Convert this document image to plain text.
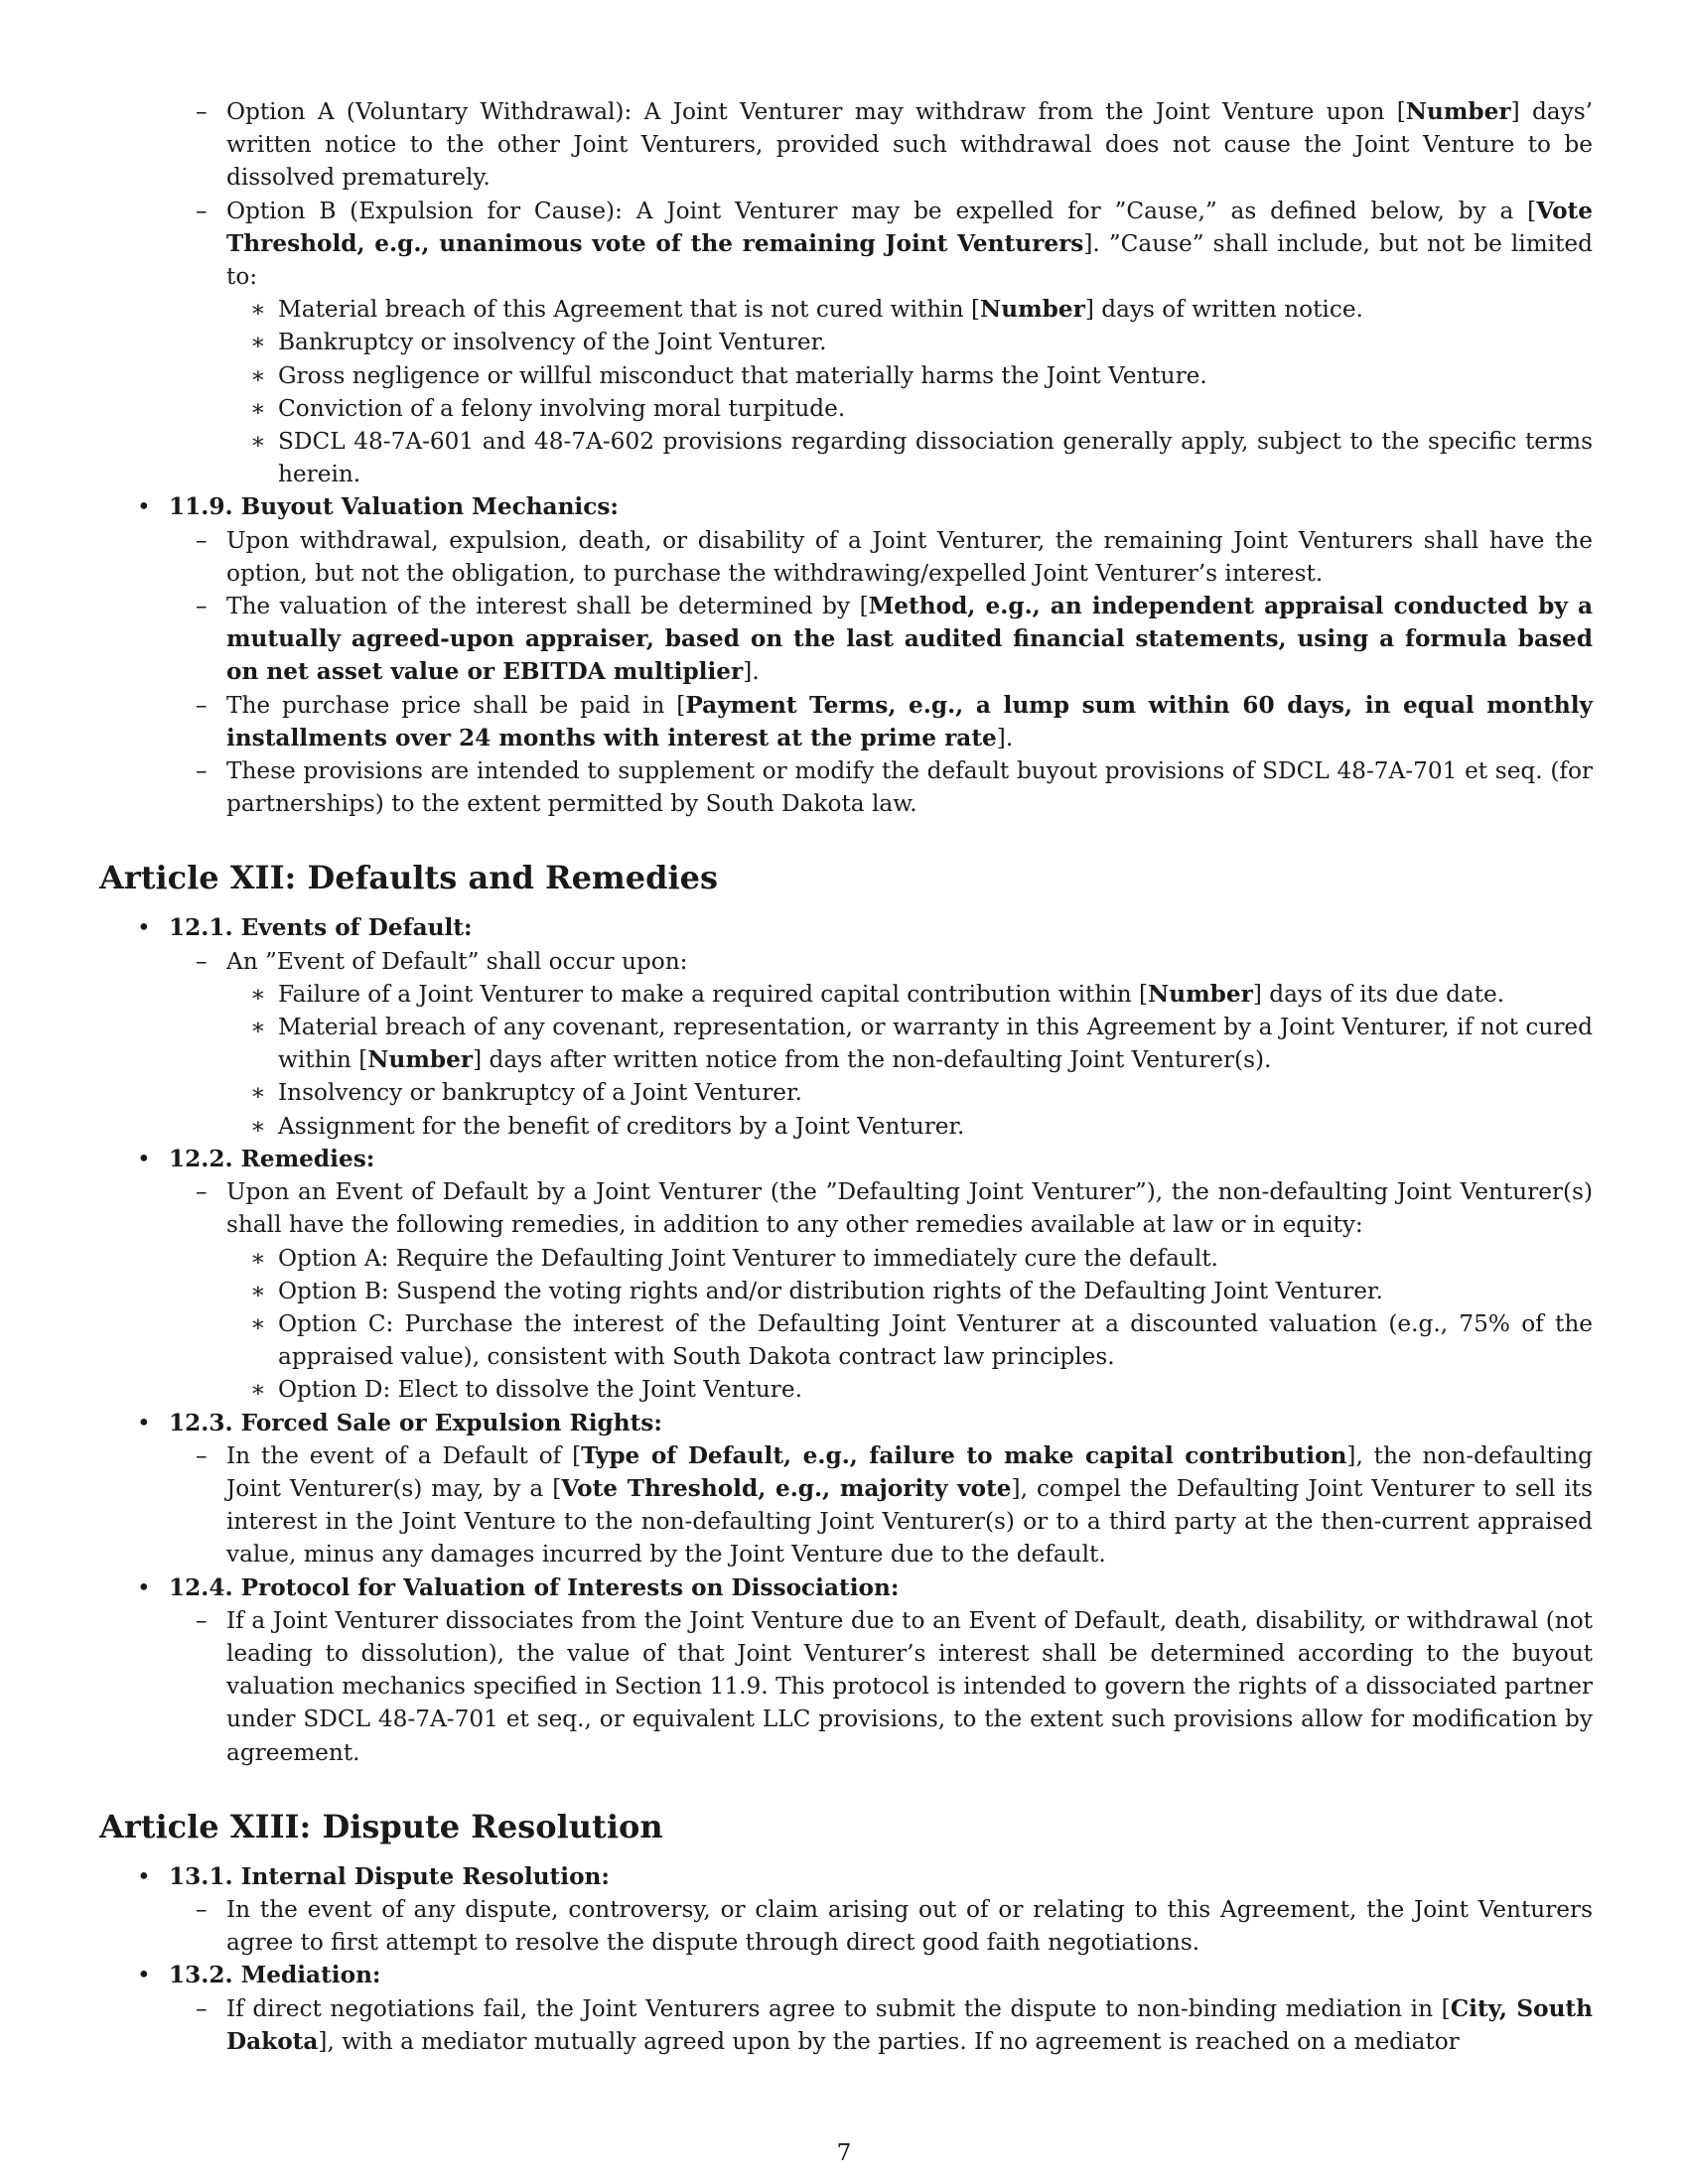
– Option A (Voluntary Withdrawal): A Joint Venturer may withdraw from the Joint Venture upon [Number] days’ written notice to the other Joint Venturers, provided such withdrawal does not cause the Joint Venture to be dissolved prematurely.
– Option B (Expulsion for Cause): A Joint Venturer may be expelled for ”Cause,” as defined below, by a [Vote Threshold, e.g., unanimous vote of the remaining Joint Venturers]. ”Cause” shall include, but not be limited to:
∗ Material breach of this Agreement that is not cured within [Number] days of written notice.
∗ Bankruptcy or insolvency of the Joint Venturer.
∗ Gross negligence or willful misconduct that materially harms the Joint Venture.
∗ Conviction of a felony involving moral turpitude.
∗ SDCL 48-7A-601 and 48-7A-602 provisions regarding dissociation generally apply, subject to the specific terms herein.
• 11.9. Buyout Valuation Mechanics:
– Upon withdrawal, expulsion, death, or disability of a Joint Venturer, the remaining Joint Venturers shall have the option, but not the obligation, to purchase the withdrawing/expelled Joint Venturer’s interest.
– The valuation of the interest shall be determined by [Method, e.g., an independent appraisal conducted by a mutually agreed-upon appraiser, based on the last audited financial statements, using a formula based on net asset value or EBITDA multiplier].
– The purchase price shall be paid in [Payment Terms, e.g., a lump sum within 60 days, in equal monthly installments over 24 months with interest at the prime rate].
– These provisions are intended to supplement or modify the default buyout provisions of SDCL 48-7A-701 et seq. (for partnerships) to the extent permitted by South Dakota law.
Article XII: Defaults and Remedies
• 12.1. Events of Default:
– An ”Event of Default” shall occur upon:
∗ Failure of a Joint Venturer to make a required capital contribution within [Number] days of its due date.
∗ Material breach of any covenant, representation, or warranty in this Agreement by a Joint Venturer, if not cured within [Number] days after written notice from the non-defaulting Joint Venturer(s).
∗ Insolvency or bankruptcy of a Joint Venturer.
∗ Assignment for the benefit of creditors by a Joint Venturer.
• 12.2. Remedies:
– Upon an Event of Default by a Joint Venturer (the ”Defaulting Joint Venturer”), the non-defaulting Joint Venturer(s) shall have the following remedies, in addition to any other remedies available at law or in equity:
∗ Option A: Require the Defaulting Joint Venturer to immediately cure the default.
∗ Option B: Suspend the voting rights and/or distribution rights of the Defaulting Joint Venturer.
∗ Option C: Purchase the interest of the Defaulting Joint Venturer at a discounted valuation (e.g., 75% of the appraised value), consistent with South Dakota contract law principles.
∗ Option D: Elect to dissolve the Joint Venture.
• 12.3. Forced Sale or Expulsion Rights:
– In the event of a Default of [Type of Default, e.g., failure to make capital contribution], the non-defaulting Joint Venturer(s) may, by a [Vote Threshold, e.g., majority vote], compel the Defaulting Joint Venturer to sell its interest in the Joint Venture to the non-defaulting Joint Venturer(s) or to a third party at the then-current appraised value, minus any damages incurred by the Joint Venture due to the default.
• 12.4. Protocol for Valuation of Interests on Dissociation:
– If a Joint Venturer dissociates from the Joint Venture due to an Event of Default, death, disability, or withdrawal (not leading to dissolution), the value of that Joint Venturer’s interest shall be determined according to the buyout valuation mechanics specified in Section 11.9. This protocol is intended to govern the rights of a dissociated partner under SDCL 48-7A-701 et seq., or equivalent LLC provisions, to the extent such provisions allow for modification by agreement.
Article XIII: Dispute Resolution
• 13.1. Internal Dispute Resolution:
– In the event of any dispute, controversy, or claim arising out of or relating to this Agreement, the Joint Venturers agree to first attempt to resolve the dispute through direct good faith negotiations.
• 13.2. Mediation:
– If direct negotiations fail, the Joint Venturers agree to submit the dispute to non-binding mediation in [City, South Dakota], with a mediator mutually agreed upon by the parties. If no agreement is reached on a mediator
7
